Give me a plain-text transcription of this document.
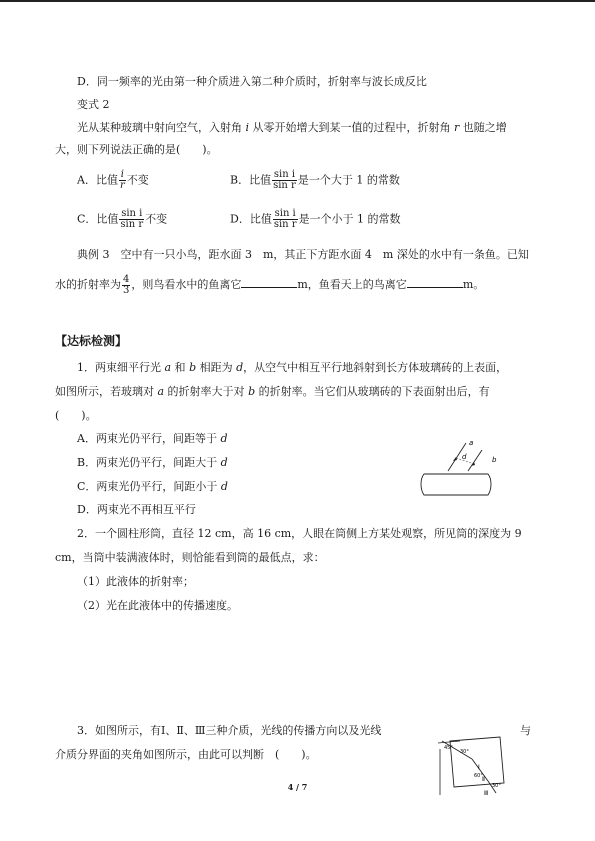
D．同一频率的光由第一种介质进入第二种介质时，折射率与波长成反比
变式 2
光从某种玻璃中射向空气，入射角 i 从零开始增大到某一值的过程中，折射角 r 也随之增
大，则下列说法正确的是(　　)。
A．比值 $\frac{i}{r}$ 不变	B．比值 $\frac{\text{sin i}}{\text{sin r}}$ 是一个大于 1 的常数
C．比值 $\frac{\text{sin i}}{\text{sin r}}$ 不变	D．比值 $\frac{\text{sin i}}{\text{sin r}}$ 是一个小于 1 的常数
典例 3　空中有一只小鸟，距水面 3　m，其正下方距水面 4　m 深处的水中有一条鱼。已知
水的折射率为 $\frac{4}{3}$ ，则鸟看水中的鱼离它	m，鱼看天上的鸟离它	m。
【达标检测】
1．两束细平行光 a 和 b 相距为 d，从空气中相互平行地斜射到长方体玻璃砖的上表面，
如图所示，若玻璃对 a 的折射率大于对 b 的折射率。当它们从玻璃砖的下表面射出后，有
(　　)。
A．两束光仍平行，间距等于 d
B．两束光仍平行，间距大于 d
C．两束光仍平行，间距小于 d
D．两束光不再相互平行
a
d	b
2．一个圆柱形筒，直径 12 cm，高 16 cm，人眼在筒侧上方某处观察，所见筒的深度为 9
cm，当筒中装满液体时，则恰能看到筒的最低点，求：
（1）此液体的折射率；
（2）光在此液体中的传播速度。
3．如图所示，有Ⅰ、Ⅱ、Ⅲ三种介质，光线的传播方向以及光线	与
介质分界面的夹角如图所示，由此可以判断　(　　)。	45°
30°
60°
30°
Ⅰ
Ⅱ
Ⅲ
4 / 7
